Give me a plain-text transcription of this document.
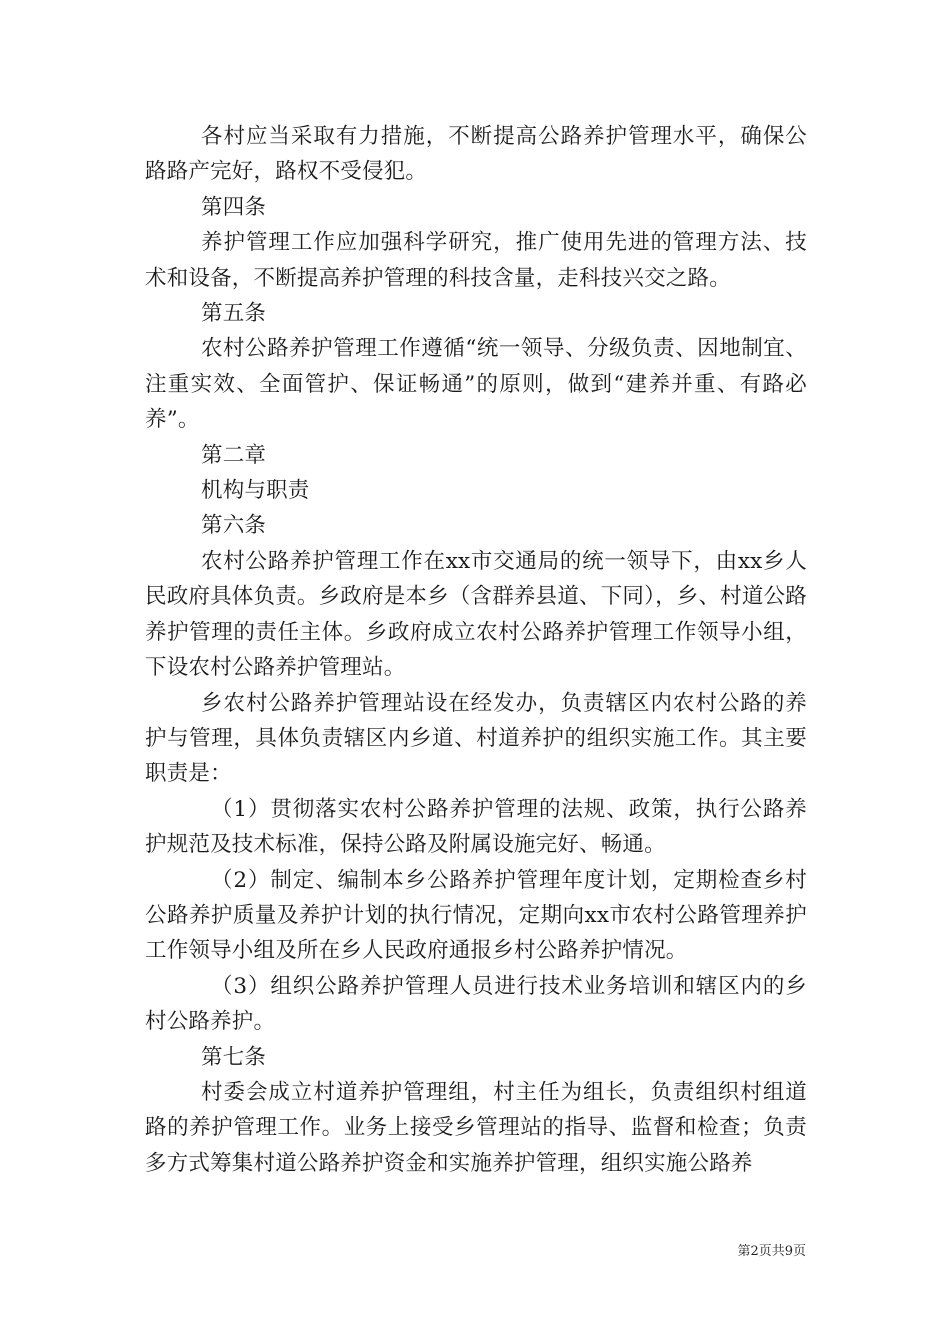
各村应当采取有力措施，不断提高公路养护管理水平，确保公路路产完好，路权不受侵犯。

第四条

养护管理工作应加强科学研究，推广使用先进的管理方法、技术和设备，不断提高养护管理的科技含量，走科技兴交之路。

第五条

农村公路养护管理工作遵循“统一领导、分级负责、因地制宜、注重实效、全面管护、保证畅通”的原则，做到“建养并重、有路必养”。

第二章

机构与职责

第六条

农村公路养护管理工作在xx市交通局的统一领导下，由xx乡人民政府具体负责。乡政府是本乡（含群养县道、下同），乡、村道公路养护管理的责任主体。乡政府成立农村公路养护管理工作领导小组，下设农村公路养护管理站。

乡农村公路养护管理站设在经发办，负责辖区内农村公路的养护与管理，具体负责辖区内乡道、村道养护的组织实施工作。其主要职责是：

（1）贯彻落实农村公路养护管理的法规、政策，执行公路养护规范及技术标准，保持公路及附属设施完好、畅通。

（2）制定、编制本乡公路养护管理年度计划，定期检查乡村公路养护质量及养护计划的执行情况，定期向xx市农村公路管理养护工作领导小组及所在乡人民政府通报乡村公路养护情况。

（3）组织公路养护管理人员进行技术业务培训和辖区内的乡村公路养护。

第七条

村委会成立村道养护管理组，村主任为组长，负责组织村组道路的养护管理工作。业务上接受乡管理站的指导、监督和检查；负责多方式筹集村道公路养护资金和实施养护管理，组织实施公路养

第2页共9页
